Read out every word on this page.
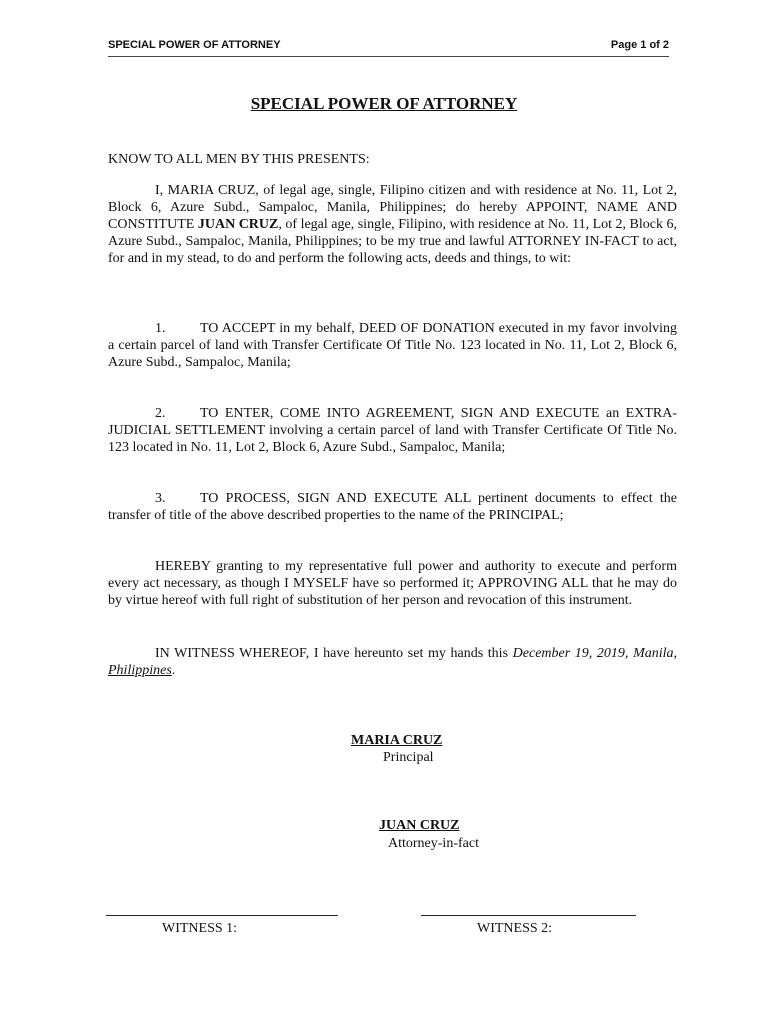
SPECIAL POWER OF ATTORNEY	Page 1 of 2
SPECIAL POWER OF ATTORNEY
KNOW TO ALL MEN BY THIS PRESENTS:
I, MARIA CRUZ, of legal age, single, Filipino citizen and with residence at No. 11, Lot 2, Block 6, Azure Subd., Sampaloc, Manila, Philippines; do hereby APPOINT, NAME AND CONSTITUTE JUAN CRUZ, of legal age, single, Filipino, with residence at No. 11, Lot 2, Block 6, Azure Subd., Sampaloc, Manila, Philippines; to be my true and lawful ATTORNEY IN-FACT to act, for and in my stead, to do and perform the following acts, deeds and things, to wit:
1. TO ACCEPT in my behalf, DEED OF DONATION executed in my favor involving a certain parcel of land with Transfer Certificate Of Title No. 123 located in No. 11, Lot 2, Block 6, Azure Subd., Sampaloc, Manila;
2. TO ENTER, COME INTO AGREEMENT, SIGN AND EXECUTE an EXTRA-JUDICIAL SETTLEMENT involving a certain parcel of land with Transfer Certificate Of Title No. 123 located in No. 11, Lot 2, Block 6, Azure Subd., Sampaloc, Manila;
3. TO PROCESS, SIGN AND EXECUTE ALL pertinent documents to effect the transfer of title of the above described properties to the name of the PRINCIPAL;
HEREBY granting to my representative full power and authority to execute and perform every act necessary, as though I MYSELF have so performed it; APPROVING ALL that he may do by virtue hereof with full right of substitution of her person and revocation of this instrument.
IN WITNESS WHEREOF, I have hereunto set my hands this December 19, 2019, Manila, Philippines.
MARIA CRUZ
Principal
JUAN CRUZ
Attorney-in-fact
WITNESS 1:	WITNESS 2:
